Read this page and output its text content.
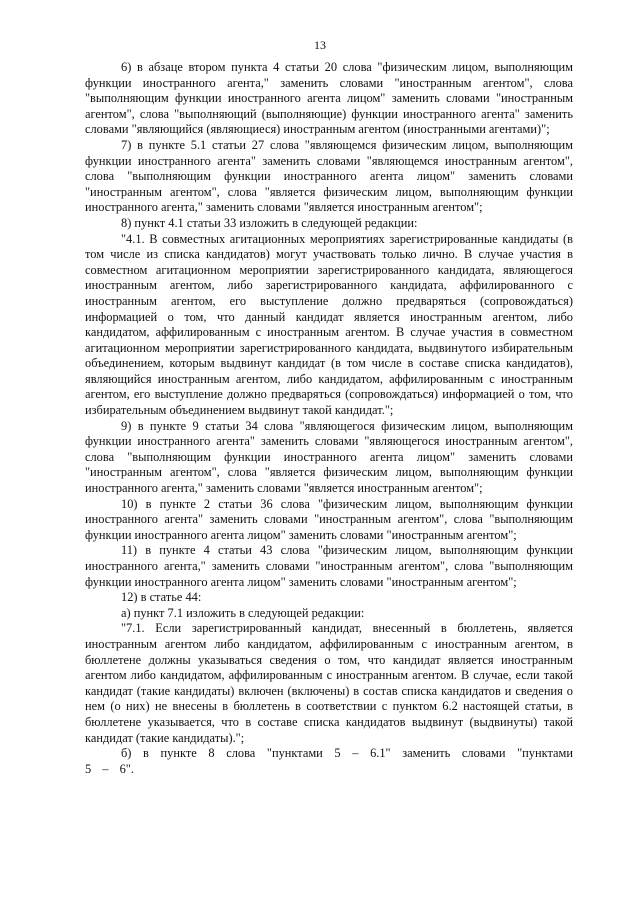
13

6) в абзаце втором пункта 4 статьи 20 слова "физическим лицом, выполняющим функции иностранного агента," заменить словами "иностранным агентом", слова "выполняющим функции иностранного агента лицом" заменить словами "иностранным агентом", слова "выполняющий (выполняющие) функции иностранного агента" заменить словами "являющийся (являющиеся) иностранным агентом (иностранными агентами)";

7) в пункте 5.1 статьи 27 слова "являющемся физическим лицом, выполняющим функции иностранного агента" заменить словами "являющемся иностранным агентом", слова "выполняющим функции иностранного агента лицом" заменить словами "иностранным агентом", слова "является физическим лицом, выполняющим функции иностранного агента," заменить словами "является иностранным агентом";

8) пункт 4.1 статьи 33 изложить в следующей редакции:

"4.1. В совместных агитационных мероприятиях зарегистрированные кандидаты (в том числе из списка кандидатов) могут участвовать только лично. В случае участия в совместном агитационном мероприятии зарегистрированного кандидата, являющегося иностранным агентом, либо зарегистрированного кандидата, аффилированного с иностранным агентом, его выступление должно предваряться (сопровождаться) информацией о том, что данный кандидат является иностранным агентом, либо кандидатом, аффилированным с иностранным агентом. В случае участия в совместном агитационном мероприятии зарегистрированного кандидата, выдвинутого избирательным объединением, которым выдвинут кандидат (в том числе в составе списка кандидатов), являющийся иностранным агентом, либо кандидатом, аффилированным с иностранным агентом, его выступление должно предваряться (сопровождаться) информацией о том, что избирательным объединением выдвинут такой кандидат.";

9) в пункте 9 статьи 34 слова "являющегося физическим лицом, выполняющим функции иностранного агента" заменить словами "являющегося иностранным агентом", слова "выполняющим функции иностранного агента лицом" заменить словами "иностранным агентом", слова "является физическим лицом, выполняющим функции иностранного агента," заменить словами "является иностранным агентом";

10) в пункте 2 статьи 36 слова "физическим лицом, выполняющим функции иностранного агента" заменить словами "иностранным агентом", слова "выполняющим функции иностранного агента лицом" заменить словами "иностранным агентом";

11) в пункте 4 статьи 43 слова "физическим лицом, выполняющим функции иностранного агента," заменить словами "иностранным агентом", слова "выполняющим функции иностранного агента лицом" заменить словами "иностранным агентом";

12) в статье 44:

а) пункт 7.1 изложить в следующей редакции:

"7.1. Если зарегистрированный кандидат, внесенный в бюллетень, является иностранным агентом либо кандидатом, аффилированным с иностранным агентом, в бюллетене должны указываться сведения о том, что кандидат является иностранным агентом либо кандидатом, аффилированным с иностранным агентом. В случае, если такой кандидат (такие кандидаты) включен (включены) в состав списка кандидатов и сведения о нем (о них) не внесены в бюллетень в соответствии с пунктом 6.2 настоящей статьи, в бюллетене указывается, что в составе списка кандидатов выдвинут (выдвинуты) такой кандидат (такие кандидаты).";

б) в пункте 8 слова "пунктами 5 – 6.1" заменить словами "пунктами 5 – 6".
